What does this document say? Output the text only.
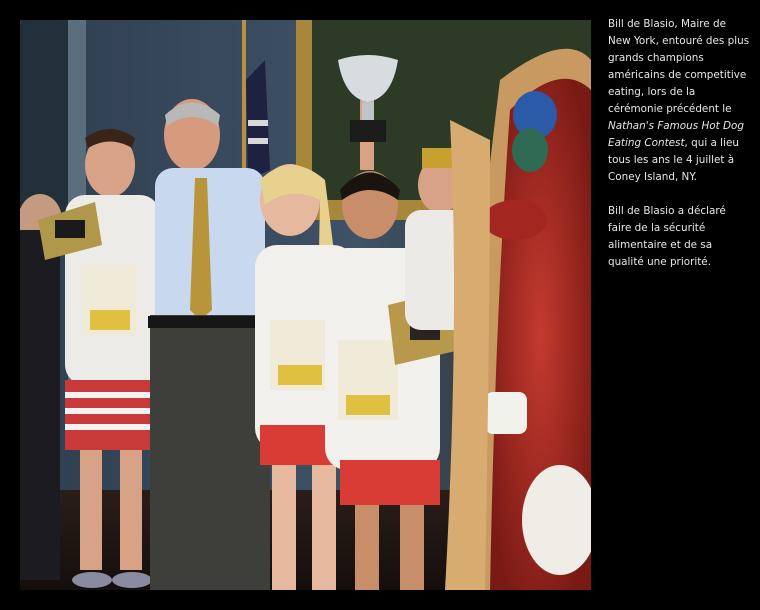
Bill de Blasio, Maire de New York, entouré des plus grands champions américains de competitive eating, lors de la cérémonie précédent le Nathan's Famous Hot Dog Eating Contest, qui a lieu tous les ans le 4 juillet à Coney Island, NY.

Bill de Blasio a déclaré faire de la sécurité alimentaire et de sa qualité une priorité.
